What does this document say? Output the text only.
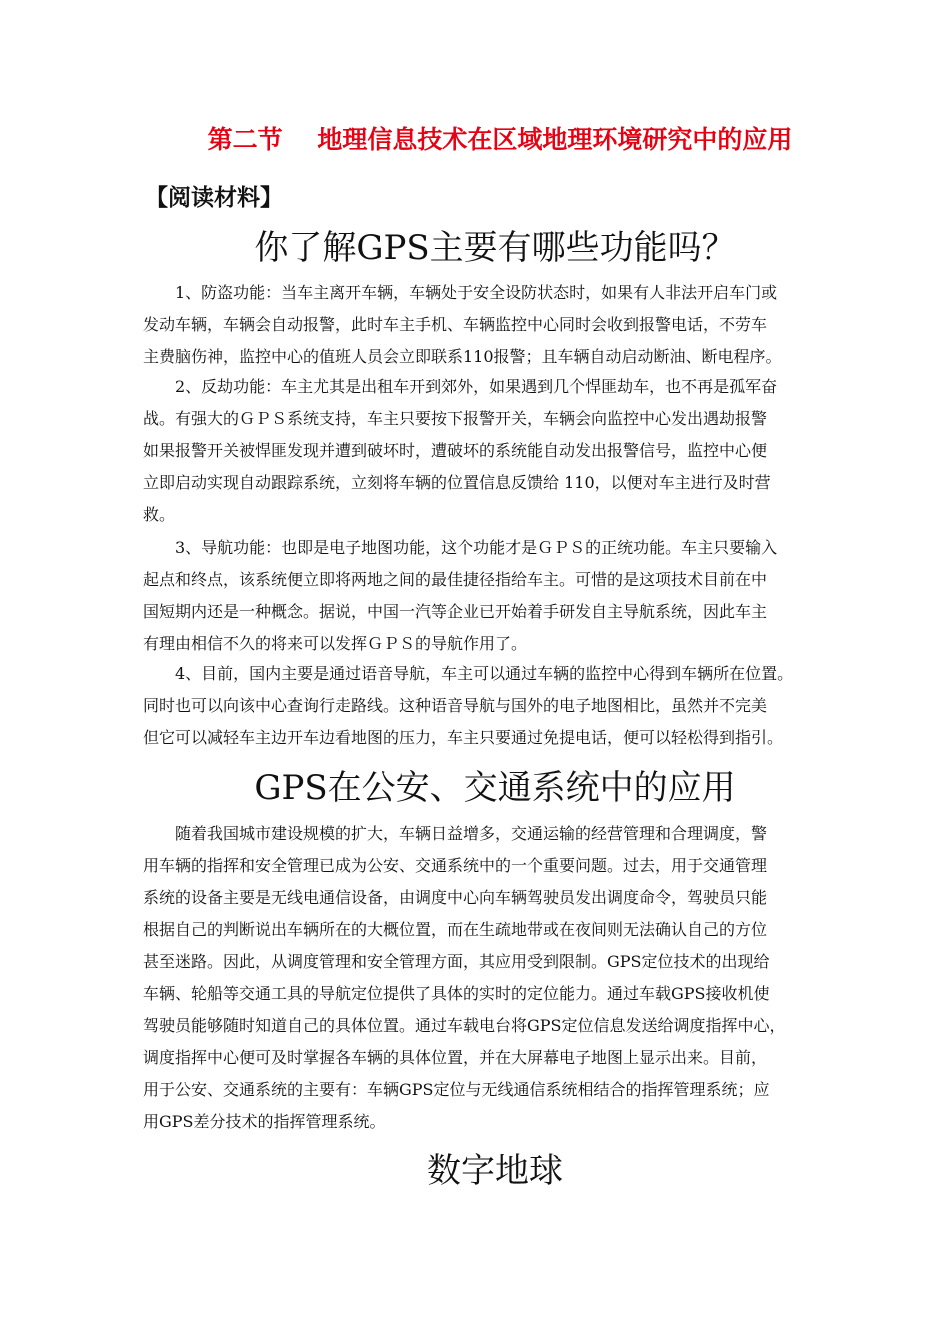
第二节    地理信息技术在区域地理环境研究中的应用
【阅读材料】
你了解GPS主要有哪些功能吗？
1、防盗功能：当车主离开车辆，车辆处于安全设防状态时，如果有人非法开启车门或
发动车辆，车辆会自动报警，此时车主手机、车辆监控中心同时会收到报警电话，不劳车
主费脑伤神，监控中心的值班人员会立即联系110报警；且车辆自动启动断油、断电程序。
2、反劫功能：车主尤其是出租车开到郊外，如果遇到几个悍匪劫车，也不再是孤军奋
战。有强大的ＧＰＳ系统支持，车主只要按下报警开关，车辆会向监控中心发出遇劫报警
如果报警开关被悍匪发现并遭到破坏时，遭破坏的系统能自动发出报警信号，监控中心便
立即启动实现自动跟踪系统，立刻将车辆的位置信息反馈给 110，以便对车主进行及时营
救。
3、导航功能：也即是电子地图功能，这个功能才是ＧＰＳ的正统功能。车主只要输入
起点和终点，该系统便立即将两地之间的最佳捷径指给车主。可惜的是这项技术目前在中
国短期内还是一种概念。据说，中国一汽等企业已开始着手研发自主导航系统，因此车主
有理由相信不久的将来可以发挥ＧＰＳ的导航作用了。
4、目前，国内主要是通过语音导航，车主可以通过车辆的监控中心得到车辆所在位置。
同时也可以向该中心查询行走路线。这种语音导航与国外的电子地图相比，虽然并不完美
但它可以减轻车主边开车边看地图的压力，车主只要通过免提电话，便可以轻松得到指引。
GPS在公安、交通系统中的应用
随着我国城市建设规模的扩大，车辆日益增多，交通运输的经营管理和合理调度，警
用车辆的指挥和安全管理已成为公安、交通系统中的一个重要问题。过去，用于交通管理
系统的设备主要是无线电通信设备，由调度中心向车辆驾驶员发出调度命令，驾驶员只能
根据自己的判断说出车辆所在的大概位置，而在生疏地带或在夜间则无法确认自己的方位
甚至迷路。因此，从调度管理和安全管理方面，其应用受到限制。GPS定位技术的出现给
车辆、轮船等交通工具的导航定位提供了具体的实时的定位能力。通过车载GPS接收机使
驾驶员能够随时知道自己的具体位置。通过车载电台将GPS定位信息发送给调度指挥中心，
调度指挥中心便可及时掌握各车辆的具体位置，并在大屏幕电子地图上显示出来。目前，
用于公安、交通系统的主要有：车辆GPS定位与无线通信系统相结合的指挥管理系统；应
用GPS差分技术的指挥管理系统。
数字地球
